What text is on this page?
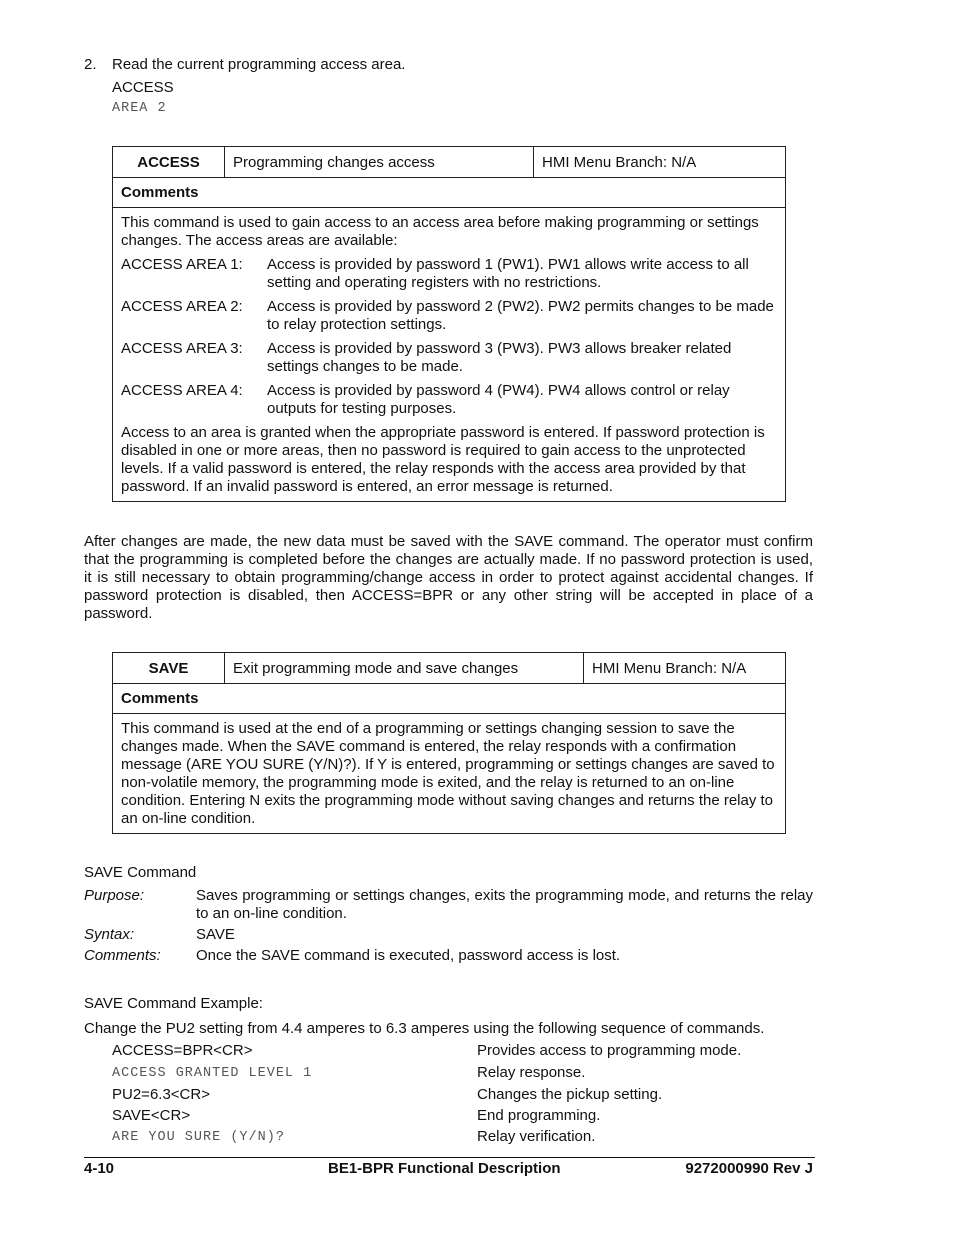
2. Read the current programming access area.
ACCESS
AREA 2
ACCESS	Programming changes access	HMI Menu Branch: N/A
Comments

This command is used to gain access to an access area before making programming or settings changes. The access areas are available:
ACCESS AREA 1:	Access is provided by password 1 (PW1). PW1 allows write access to all setting and operating registers with no restrictions.
ACCESS AREA 2:	Access is provided by password 2 (PW2). PW2 permits changes to be made to relay protection settings.
ACCESS AREA 3:	Access is provided by password 3 (PW3). PW3 allows breaker related settings changes to be made.
ACCESS AREA 4:	Access is provided by password 4 (PW4). PW4 allows control or relay outputs for testing purposes.
Access to an area is granted when the appropriate password is entered. If password protection is disabled in one or more areas, then no password is required to gain access to the unprotected levels. If a valid password is entered, the relay responds with the access area provided by that password. If an invalid password is entered, an error message is returned.
After changes are made, the new data must be saved with the SAVE command. The operator must confirm that the programming is completed before the changes are actually made. If no password protection is used, it is still necessary to obtain programming/change access in order to protect against accidental changes. If password protection is disabled, then ACCESS=BPR or any other string will be accepted in place of a password.
SAVE	Exit programming mode and save changes	HMI Menu Branch: N/A
Comments
This command is used at the end of a programming or settings changing session to save the changes made. When the SAVE command is entered, the relay responds with a confirmation message (ARE YOU SURE (Y/N)?). If Y is entered, programming or settings changes are saved to non-volatile memory, the programming mode is exited, and the relay is returned to an on-line condition. Entering N exits the programming mode without saving changes and returns the relay to an on-line condition.
SAVE Command
Purpose:	Saves programming or settings changes, exits the programming mode, and returns the relay to an on-line condition.
Syntax:	SAVE
Comments:	Once the SAVE command is executed, password access is lost.
SAVE Command Example:
Change the PU2 setting from 4.4 amperes to 6.3 amperes using the following sequence of commands.
ACCESS=BPR<CR>	Provides access to programming mode.
ACCESS GRANTED LEVEL 1	Relay response.
PU2=6.3<CR>	Changes the pickup setting.
SAVE<CR>	End programming.
ARE YOU SURE (Y/N)?	Relay verification.
4-10	BE1-BPR Functional Description	9272000990 Rev J
